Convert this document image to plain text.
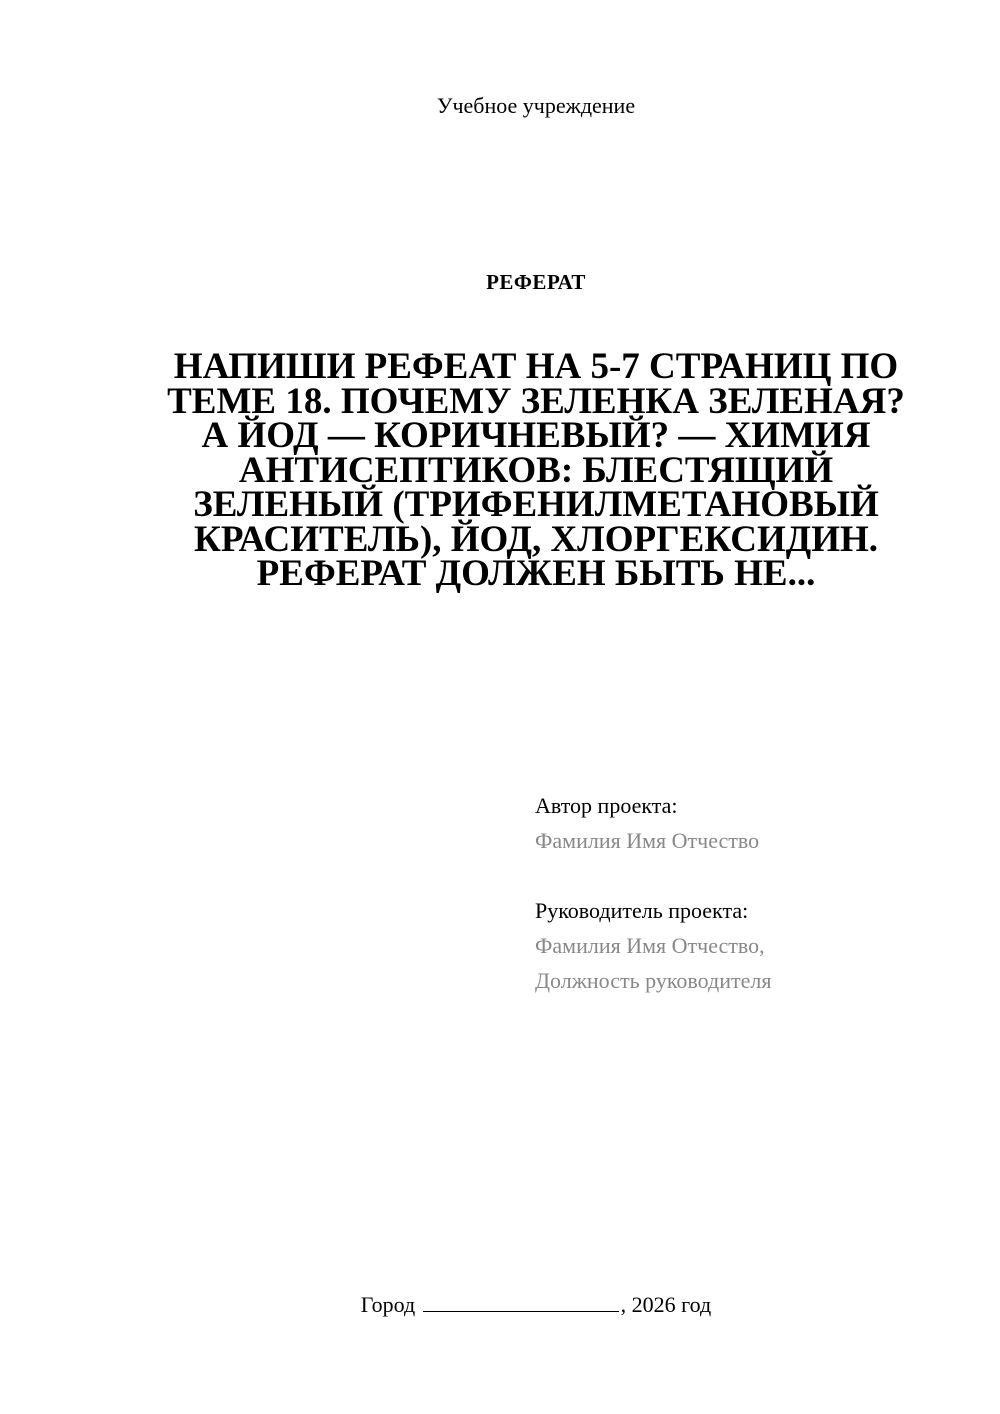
Учебное учреждение
РЕФЕРАТ
НАПИШИ РЕФЕАТ НА 5-7 СТРАНИЦ ПО ТЕМЕ 18. ПОЧЕМУ ЗЕЛЕНКА ЗЕЛЕНАЯ? А ЙОД — КОРИЧНЕВЫЙ? — ХИМИЯ АНТИСЕПТИКОВ: БЛЕСТЯЩИЙ ЗЕЛЕНЫЙ (ТРИФЕНИЛМЕТАНОВЫЙ КРАСИТЕЛЬ), ЙОД, ХЛОРГЕКСИДИН. РЕФЕРАТ ДОЛЖЕН БЫТЬ НЕ...
Автор проекта:
Фамилия Имя Отчество
Руководитель проекта:
Фамилия Имя Отчество,
Должность руководителя
Город	, 2026 год
